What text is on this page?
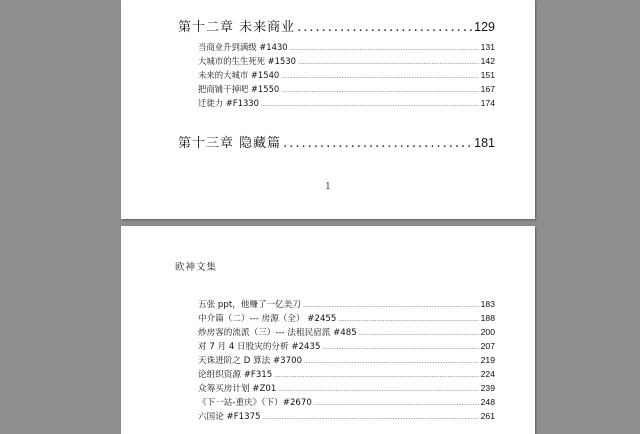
第十二章 未来商业 .....	129
当商业升到满级 #1430 .....	131
大城市的生生死死 #1530 .....	142
未来的大城市 #1540 .....	151
把商铺干掉吧 #1550 .....	167
迁徙力 #F1330 .....	174
第十三章 隐藏篇 .....	181
1
欧神文集
五张 ppt，他赚了一亿美刀 .....	183
中介篇（二）--- 房源（全） #2455 .....	188
炒房客的流派（三）--- 法租民宿派 #485 .....	200
对 7 月 4 日股灾的分析 #2435 .....	207
天诛进阶之 D 算法 #3700 .....	219
论组织资源 #F315 .....	224
众筹买房计划 #Z01 .....	239
《下一站-重庆》（下）#2670 .....	248
六国论 #F1375 .....	261
